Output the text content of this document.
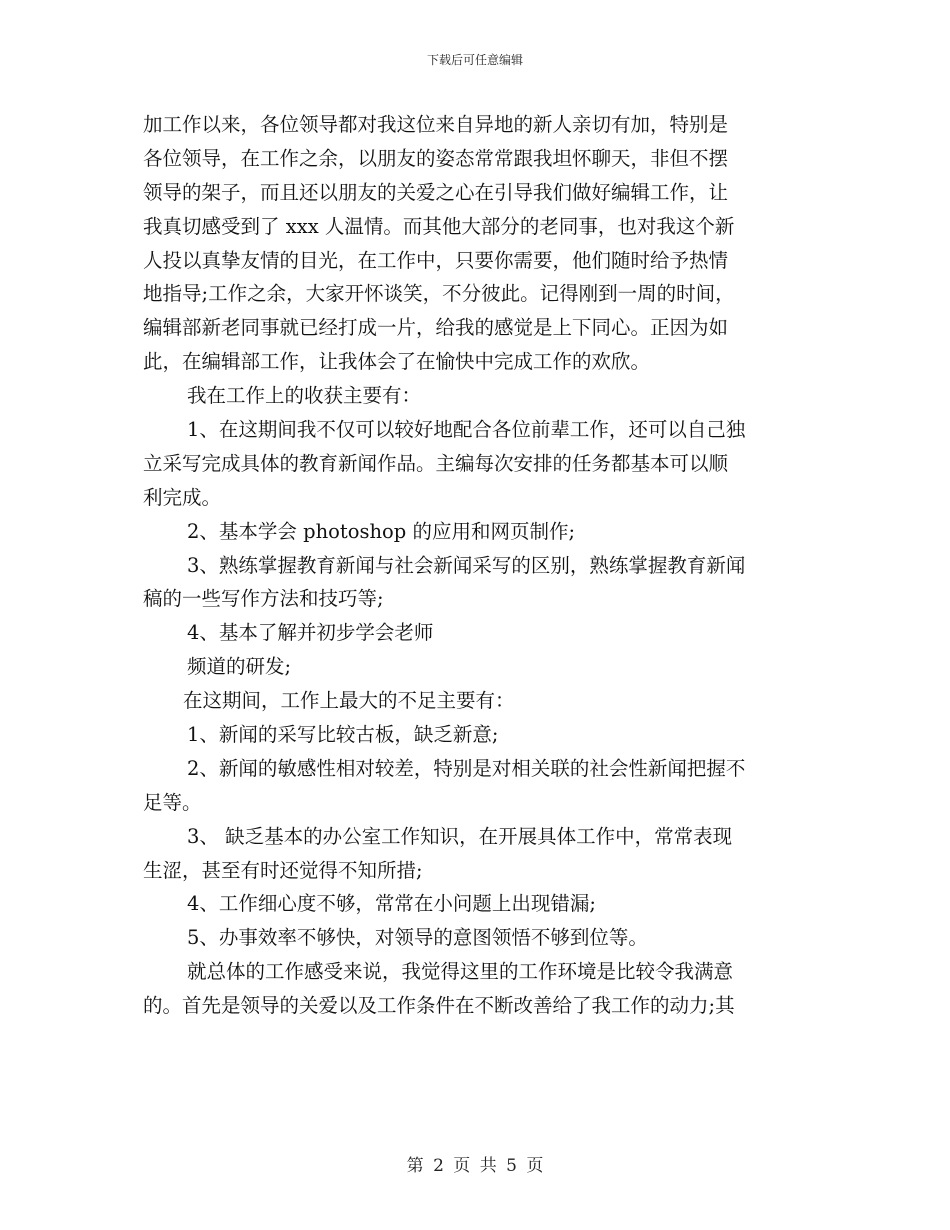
下载后可任意编辑
加工作以来，各位领导都对我这位来自异地的新人亲切有加，特别是
各位领导，在工作之余，以朋友的姿态常常跟我坦怀聊天，非但不摆
领导的架子，而且还以朋友的关爱之心在引导我们做好编辑工作，让
我真切感受到了 xxx 人温情。而其他大部分的老同事，也对我这个新
人投以真挚友情的目光，在工作中，只要你需要，他们随时给予热情
地指导;工作之余，大家开怀谈笑，不分彼此。记得刚到一周的时间，
编辑部新老同事就已经打成一片，给我的感觉是上下同心。正因为如
此，在编辑部工作，让我体会了在愉快中完成工作的欢欣。
我在工作上的收获主要有：
1、在这期间我不仅可以较好地配合各位前辈工作，还可以自己独
立采写完成具体的教育新闻作品。主编每次安排的任务都基本可以顺
利完成。
2、基本学会 photoshop 的应用和网页制作;
3、熟练掌握教育新闻与社会新闻采写的区别，熟练掌握教育新闻
稿的一些写作方法和技巧等;
4、基本了解并初步学会老师
频道的研发;
在这期间，工作上最大的不足主要有：
1、新闻的采写比较古板，缺乏新意;
2、新闻的敏感性相对较差，特别是对相关联的社会性新闻把握不
足等。
3、 缺乏基本的办公室工作知识，在开展具体工作中，常常表现
生涩，甚至有时还觉得不知所措;
4、工作细心度不够，常常在小问题上出现错漏;
5、办事效率不够快，对领导的意图领悟不够到位等。
就总体的工作感受来说，我觉得这里的工作环境是比较令我满意
的。首先是领导的关爱以及工作条件在不断改善给了我工作的动力;其
第 2 页 共 5 页
